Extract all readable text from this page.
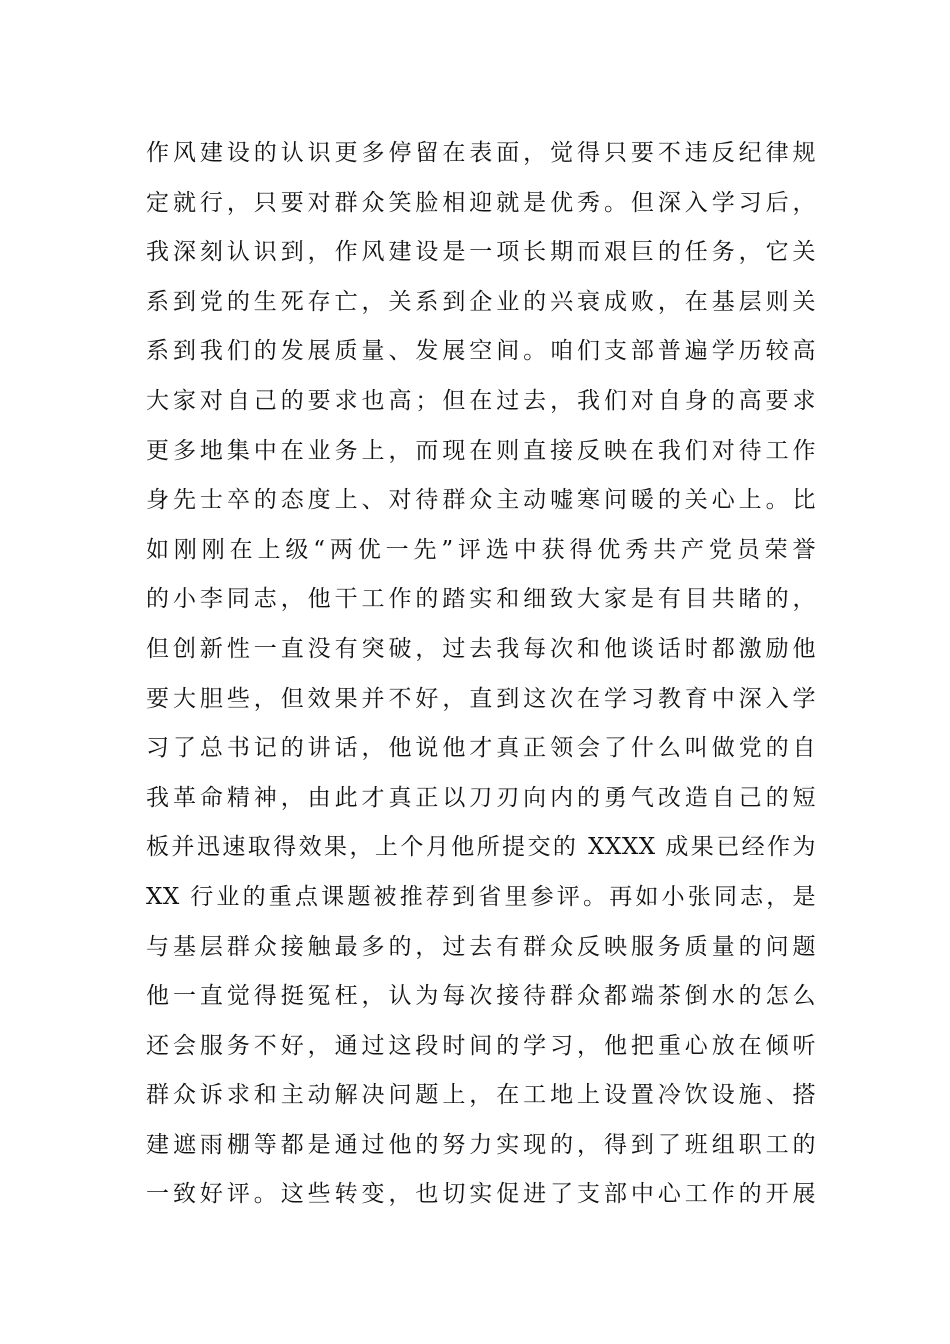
作风建设的认识更多停留在表面，觉得只要不违反纪律规
定就行，只要对群众笑脸相迎就是优秀。但深入学习后，
我深刻认识到，作风建设是一项长期而艰巨的任务，它关
系到党的生死存亡，关系到企业的兴衰成败，在基层则关
系到我们的发展质量、发展空间。咱们支部普遍学历较高
大家对自己的要求也高；但在过去，我们对自身的高要求
更多地集中在业务上，而现在则直接反映在我们对待工作
身先士卒的态度上、对待群众主动嘘寒问暖的关心上。比
如刚刚在上级“两优一先”评选中获得优秀共产党员荣誉
的小李同志，他干工作的踏实和细致大家是有目共睹的，
但创新性一直没有突破，过去我每次和他谈话时都激励他
要大胆些，但效果并不好，直到这次在学习教育中深入学
习了总书记的讲话，他说他才真正领会了什么叫做党的自
我革命精神，由此才真正以刀刃向内的勇气改造自己的短
板并迅速取得效果，上个月他所提交的 XXXX 成果已经作为
XX 行业的重点课题被推荐到省里参评。再如小张同志，是
与基层群众接触最多的，过去有群众反映服务质量的问题
他一直觉得挺冤枉，认为每次接待群众都端茶倒水的怎么
还会服务不好，通过这段时间的学习，他把重心放在倾听
群众诉求和主动解决问题上，在工地上设置冷饮设施、搭
建遮雨棚等都是通过他的努力实现的，得到了班组职工的
一致好评。这些转变，也切实促进了支部中心工作的开展
